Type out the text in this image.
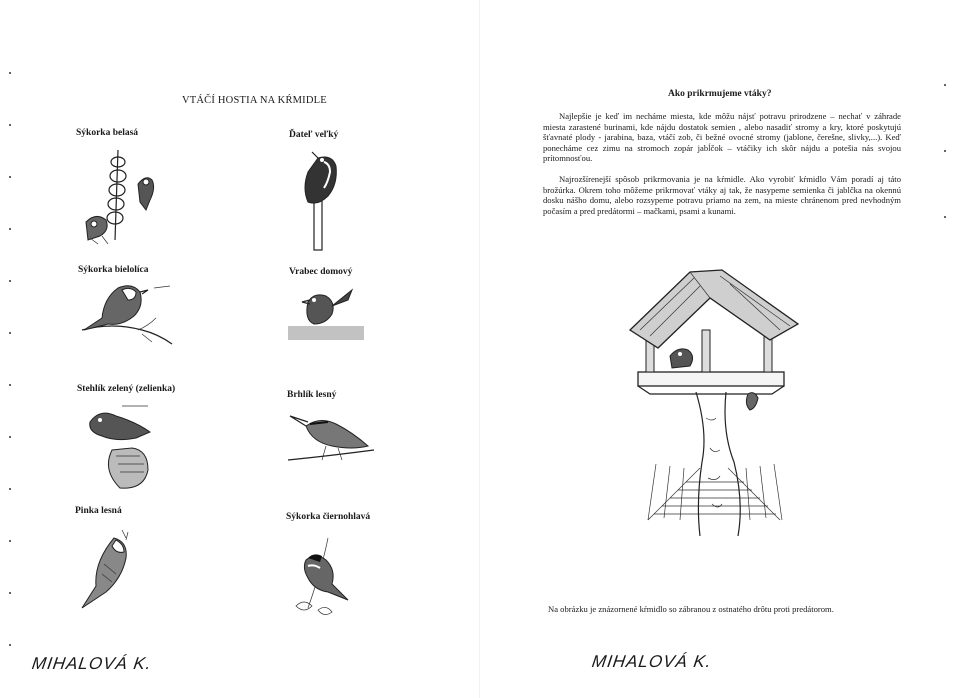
VTÁČÍ HOSTIA NA KŔMIDLE
Sýkorka belasá	Ďateľ veľký
Sýkorka bielolíca	Vrabec domový
Stehlík zelený (zelienka)
Brhlík lesný
Pinka lesná
Sýkorka čiernohlavá
MIHALOVÁ K.
Ako prikrmujeme vtáky?
Najlepšie je keď im necháme miesta, kde môžu nájsť potravu prirodzene – nechať v záhrade miesta zarastené burinami, kde nájdu dostatok semien , alebo nasadiť stromy a kry, ktoré poskytujú šťavnaté plody - jarabina, baza, vtáčí zob, či bežné ovocné stromy (jablone, čerešne, slivky,...). Keď ponecháme cez zimu na stromoch zopár jabĺčok – vtáčiky ich skôr nájdu a potešia nás svojou prítomnosťou.
Najrozšírenejší spôsob prikrmovania je na kŕmidle. Ako vyrobiť kŕmidlo Vám poradí aj táto brožúrka. Okrem toho môžeme prikrmovať vtáky aj tak, že nasypeme semienka či jablčka na okennú dosku nášho domu, alebo rozsypeme potravu priamo na zem, na mieste chránenom pred nevhodným počasím a pred predátormi – mačkami, psami a kunami.
Na obrázku je znázornené kŕmidlo so zábranou z ostnatého drôtu proti predátorom.
MIHALOVÁ K.
